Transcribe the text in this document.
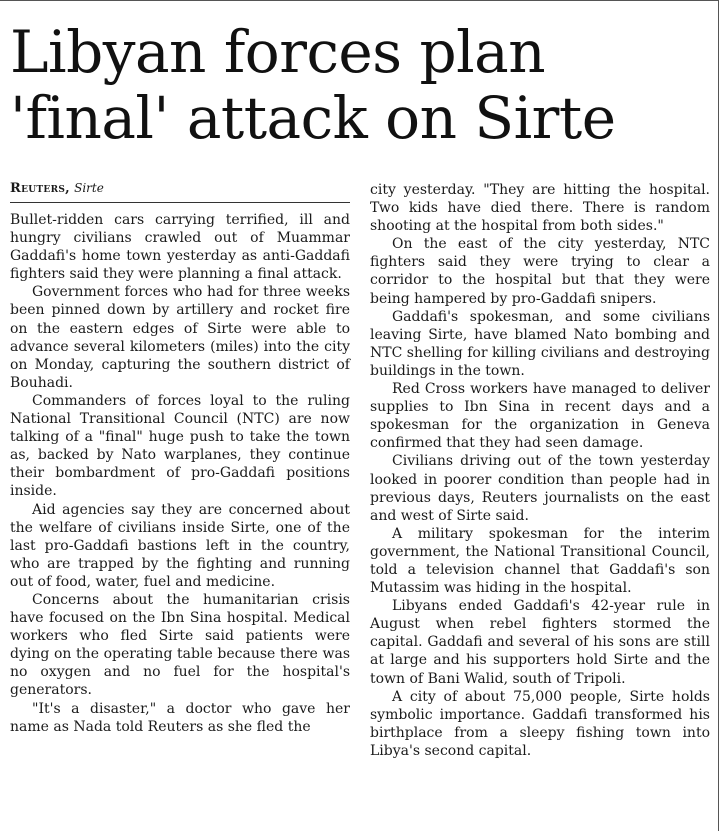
Libyan forces plan
'final' attack on Sirte
Reuters, Sirte

Bullet-ridden cars carrying terrified, ill and hungry civilians crawled out of Muammar Gaddafi's home town yesterday as anti-Gaddafi fighters said they were planning a final attack.

Government forces who had for three weeks been pinned down by artillery and rocket fire on the eastern edges of Sirte were able to advance several kilometers (miles) into the city on Monday, capturing the southern district of Bouhadi.

Commanders of forces loyal to the ruling National Transitional Council (NTC) are now talking of a "final" huge push to take the town as, backed by Nato warplanes, they continue their bombardment of pro-Gaddafi positions inside.

Aid agencies say they are concerned about the welfare of civilians inside Sirte, one of the last pro-Gaddafi bastions left in the country, who are trapped by the fighting and running out of food, water, fuel and medicine.

Concerns about the humanitarian crisis have focused on the Ibn Sina hospital. Medical workers who fled Sirte said patients were dying on the operating table because there was no oxygen and no fuel for the hospital's generators.

"It's a disaster," a doctor who gave her name as Nada told Reuters as she fled the

city yesterday. "They are hitting the hospital. Two kids have died there. There is random shooting at the hospital from both sides."

On the east of the city yesterday, NTC fighters said they were trying to clear a corridor to the hospital but that they were being hampered by pro-Gaddafi snipers.

Gaddafi's spokesman, and some civilians leaving Sirte, have blamed Nato bombing and NTC shelling for killing civilians and destroying buildings in the town.

Red Cross workers have managed to deliver supplies to Ibn Sina in recent days and a spokesman for the organization in Geneva confirmed that they had seen damage.

Civilians driving out of the town yesterday looked in poorer condition than people had in previous days, Reuters journalists on the east and west of Sirte said.

A military spokesman for the interim government, the National Transitional Council, told a television channel that Gaddafi's son Mutassim was hiding in the hospital.

Libyans ended Gaddafi's 42-year rule in August when rebel fighters stormed the capital. Gaddafi and several of his sons are still at large and his supporters hold Sirte and the town of Bani Walid, south of Tripoli.

A city of about 75,000 people, Sirte holds symbolic importance. Gaddafi transformed his birthplace from a sleepy fishing town into Libya's second capital.
